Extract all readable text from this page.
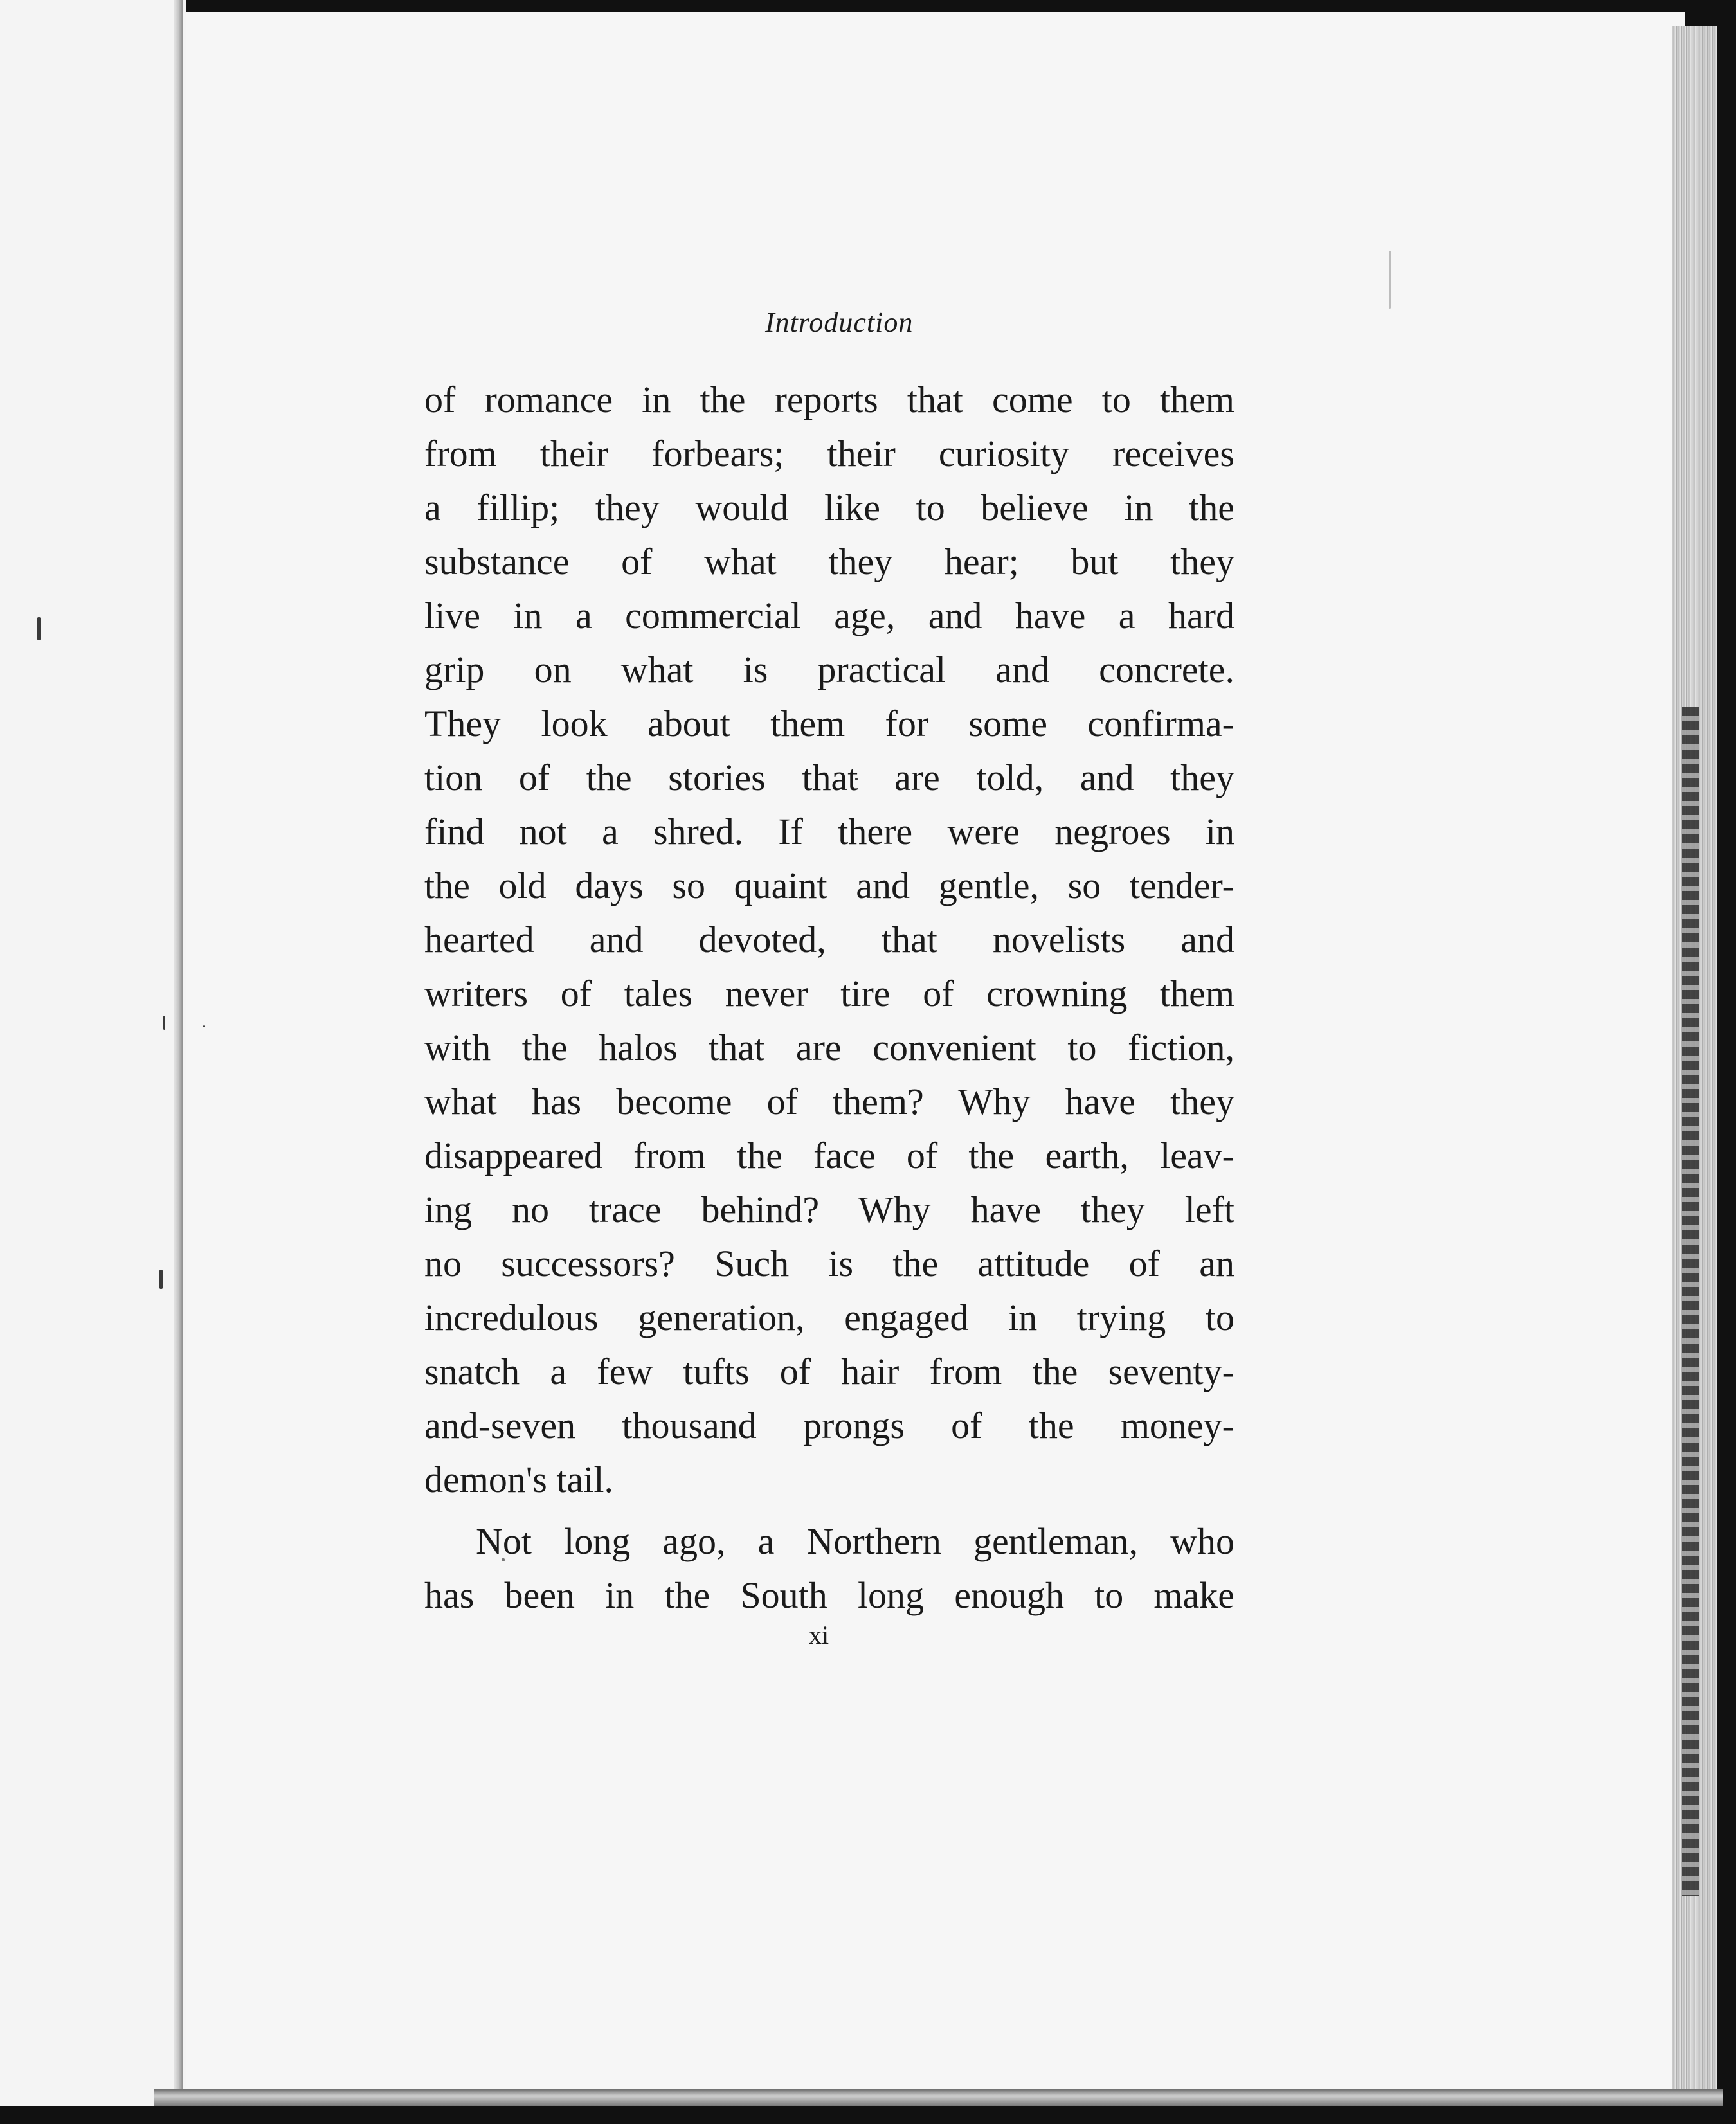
Introduction
of romance in the reports that come to them
from their forbears; their curiosity receives
a fillip; they would like to believe in the
substance of what they hear; but they
live in a commercial age, and have a hard
grip on what is practical and concrete.
They look about them for some confirma-
tion of the stories that are told, and they
find not a shred. If there were negroes in
the old days so quaint and gentle, so tender-
hearted and devoted, that novelists and
writers of tales never tire of crowning them
with the halos that are convenient to fiction,
what has become of them? Why have they
disappeared from the face of the earth, leav-
ing no trace behind? Why have they left
no successors? Such is the attitude of an
incredulous generation, engaged in trying to
snatch a few tufts of hair from the seventy-
and-seven thousand prongs of the money-
demon's tail.
Not long ago, a Northern gentleman, who
has been in the South long enough to make
xi
